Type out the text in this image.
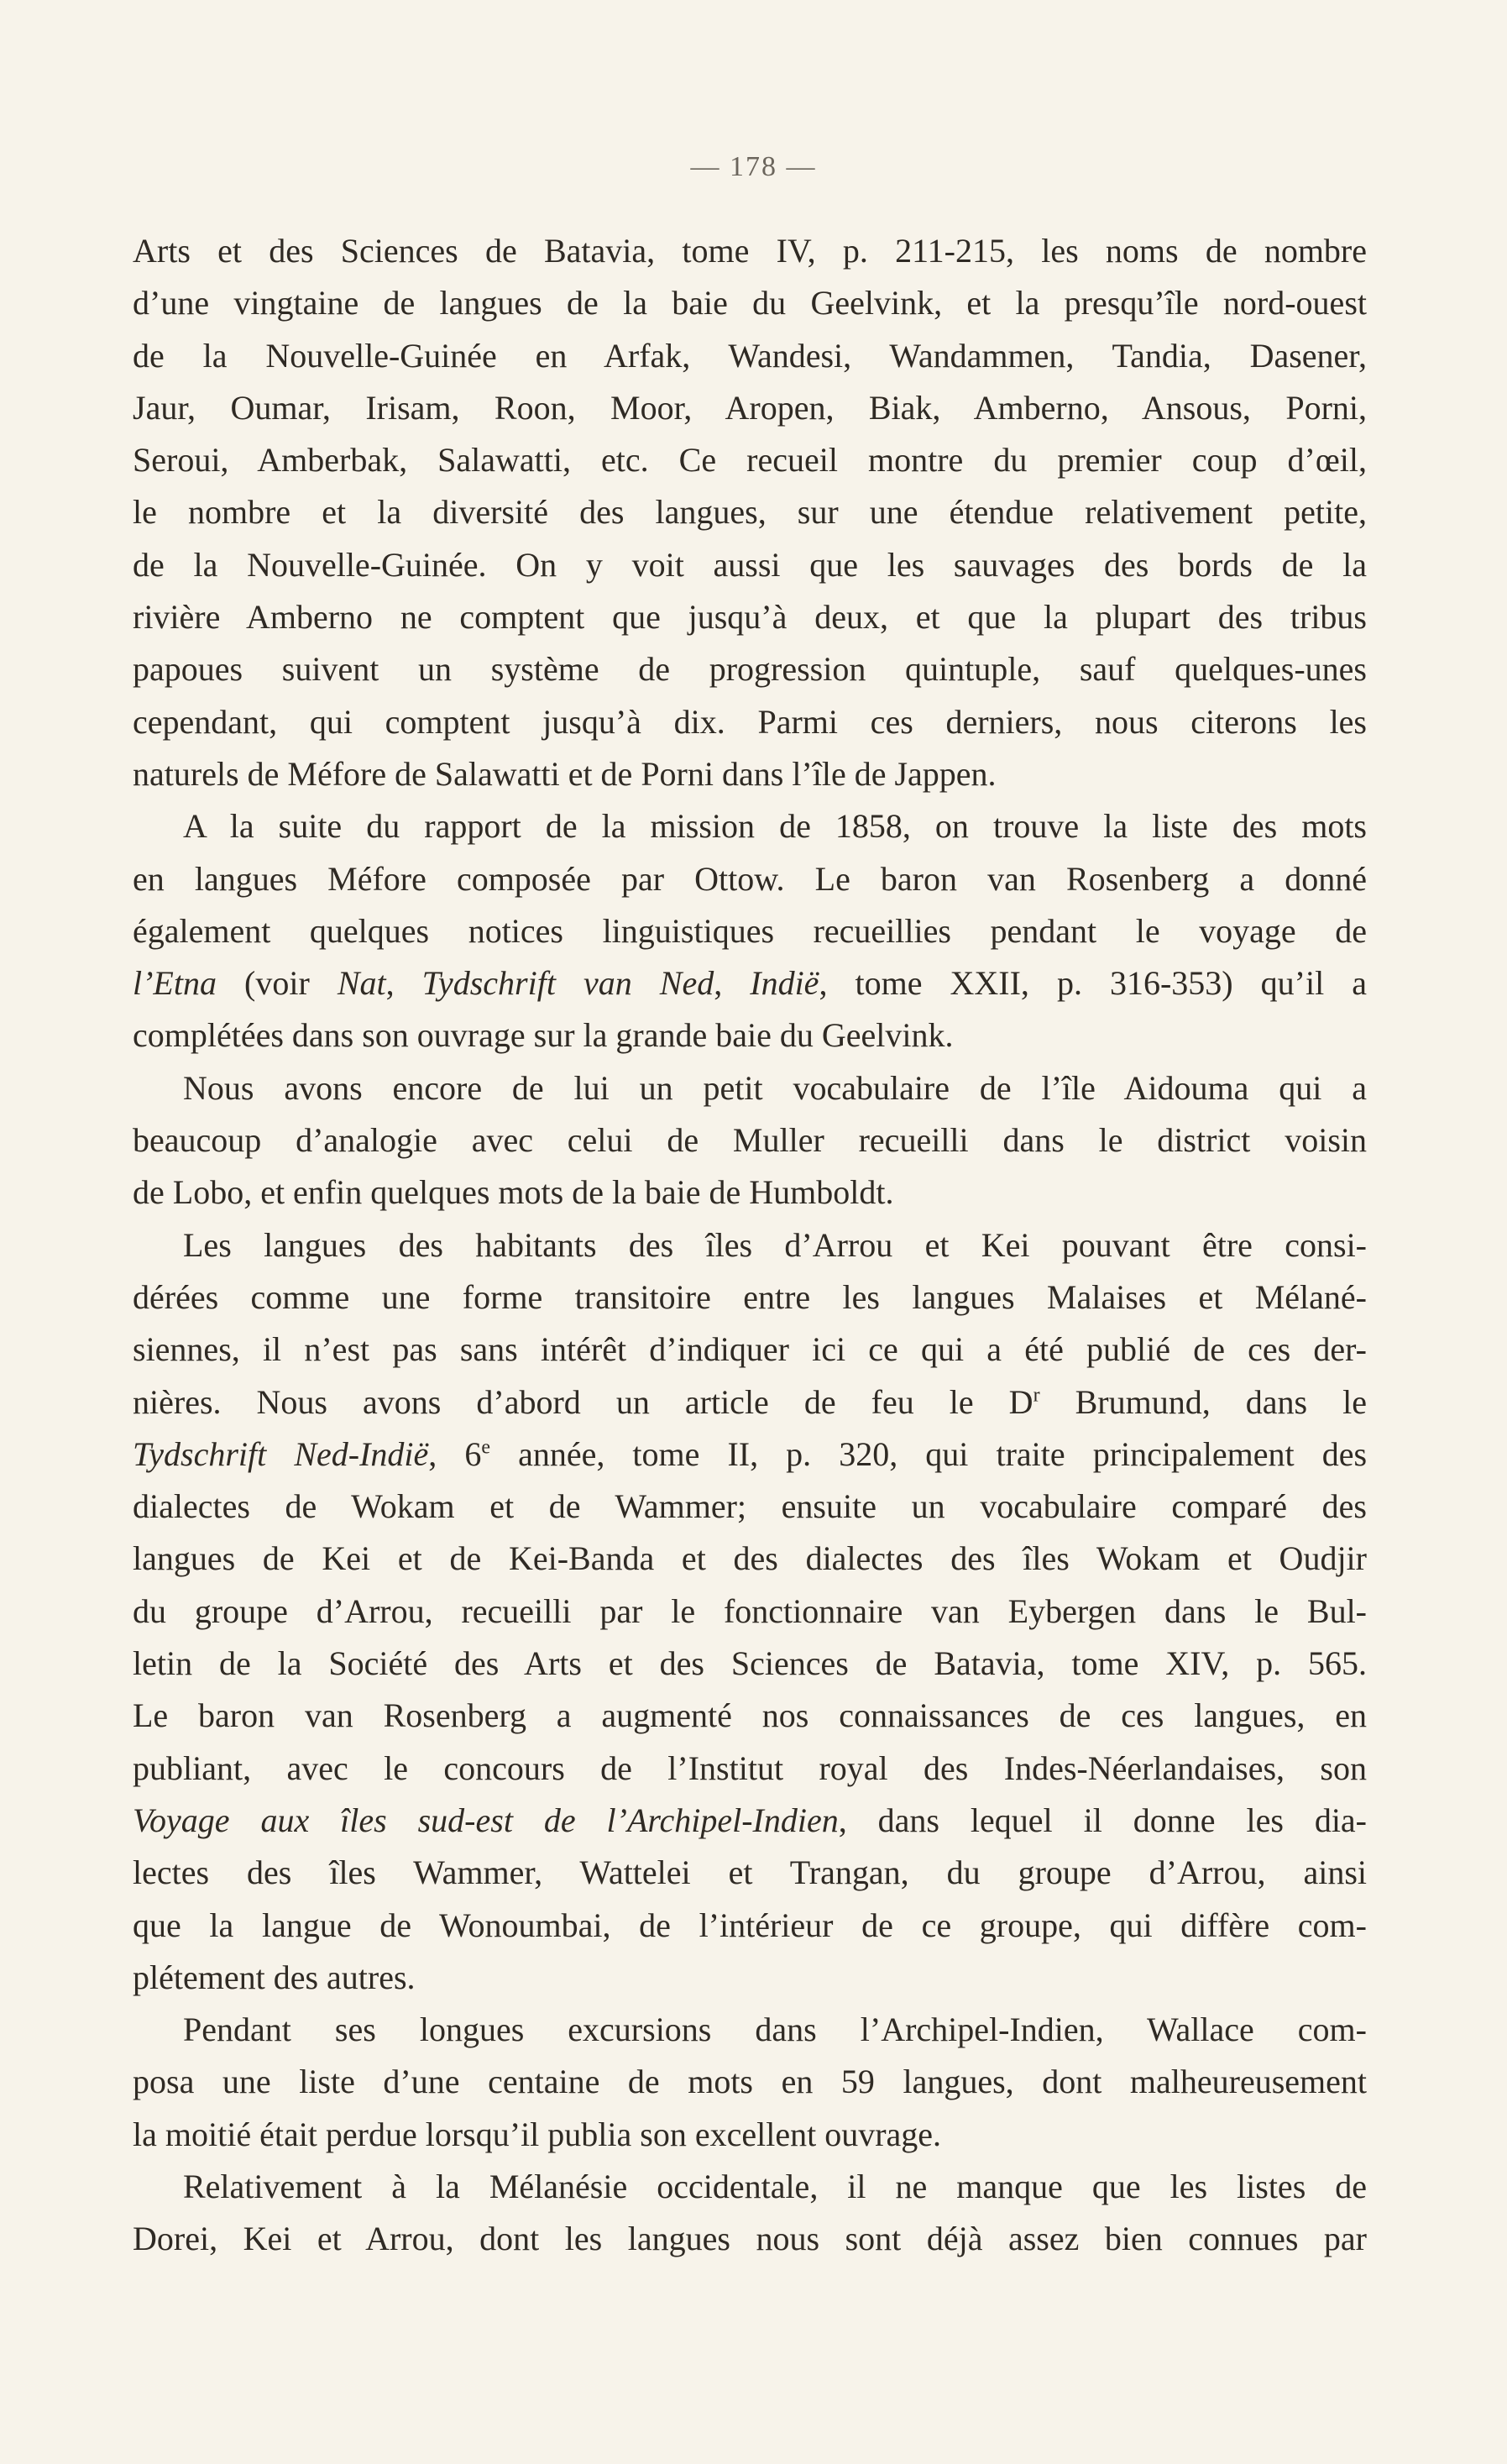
— 178 —
Arts et des Sciences de Batavia, tome IV, p. 211-215, les noms de nombre
d’une vingtaine de langues de la baie du Geelvink, et la presqu’île nord-ouest
de la Nouvelle-Guinée en Arfak, Wandesi, Wandammen, Tandia, Dasener,
Jaur, Oumar, Irisam, Roon, Moor, Aropen, Biak, Amberno, Ansous, Porni,
Seroui, Amberbak, Salawatti, etc. Ce recueil montre du premier coup d’œil,
le nombre et la diversité des langues, sur une étendue relativement petite,
de la Nouvelle-Guinée. On y voit aussi que les sauvages des bords de la
rivière Amberno ne comptent que jusqu’à deux, et que la plupart des tribus
papoues suivent un système de progression quintuple, sauf quelques-unes
cependant, qui comptent jusqu’à dix. Parmi ces derniers, nous citerons les
naturels de Méfore de Salawatti et de Porni dans l’île de Jappen.
A la suite du rapport de la mission de 1858, on trouve la liste des mots
en langues Méfore composée par Ottow. Le baron van Rosenberg a donné
également quelques notices linguistiques recueillies pendant le voyage de
l’Etna (voir Nat, Tydschrift van Ned, Indië, tome XXII, p. 316-353) qu’il a
complétées dans son ouvrage sur la grande baie du Geelvink.
Nous avons encore de lui un petit vocabulaire de l’île Aidouma qui a
beaucoup d’analogie avec celui de Muller recueilli dans le district voisin
de Lobo, et enfin quelques mots de la baie de Humboldt.
Les langues des habitants des îles d’Arrou et Kei pouvant être consi-
dérées comme une forme transitoire entre les langues Malaises et Mélané-
siennes, il n’est pas sans intérêt d’indiquer ici ce qui a été publié de ces der-
nières. Nous avons d’abord un article de feu le $D^r$ Brumund, dans le
Tydschrift Ned-Indië, 6e année, tome II, p. 320, qui traite principalement des
dialectes de Wokam et de Wammer; ensuite un vocabulaire comparé des
langues de Kei et de Kei-Banda et des dialectes des îles Wokam et Oudjir
du groupe d’Arrou, recueilli par le fonctionnaire van Eybergen dans le Bul-
letin de la Société des Arts et des Sciences de Batavia, tome XIV, p. 565.
Le baron van Rosenberg a augmenté nos connaissances de ces langues, en
publiant, avec le concours de l’Institut royal des Indes-Néerlandaises, son
Voyage aux îles sud-est de l’Archipel-Indien, dans lequel il donne les dia-
lectes des îles Wammer, Wattelei et Trangan, du groupe d’Arrou, ainsi
que la langue de Wonoumbai, de l’intérieur de ce groupe, qui diffère com-
plétement des autres.
Pendant ses longues excursions dans l’Archipel-Indien, Wallace com-
posa une liste d’une centaine de mots en 59 langues, dont malheureusement
la moitié était perdue lorsqu’il publia son excellent ouvrage.
Relativement à la Mélanésie occidentale, il ne manque que les listes de
Dorei, Kei et Arrou, dont les langues nous sont déjà assez bien connues par
